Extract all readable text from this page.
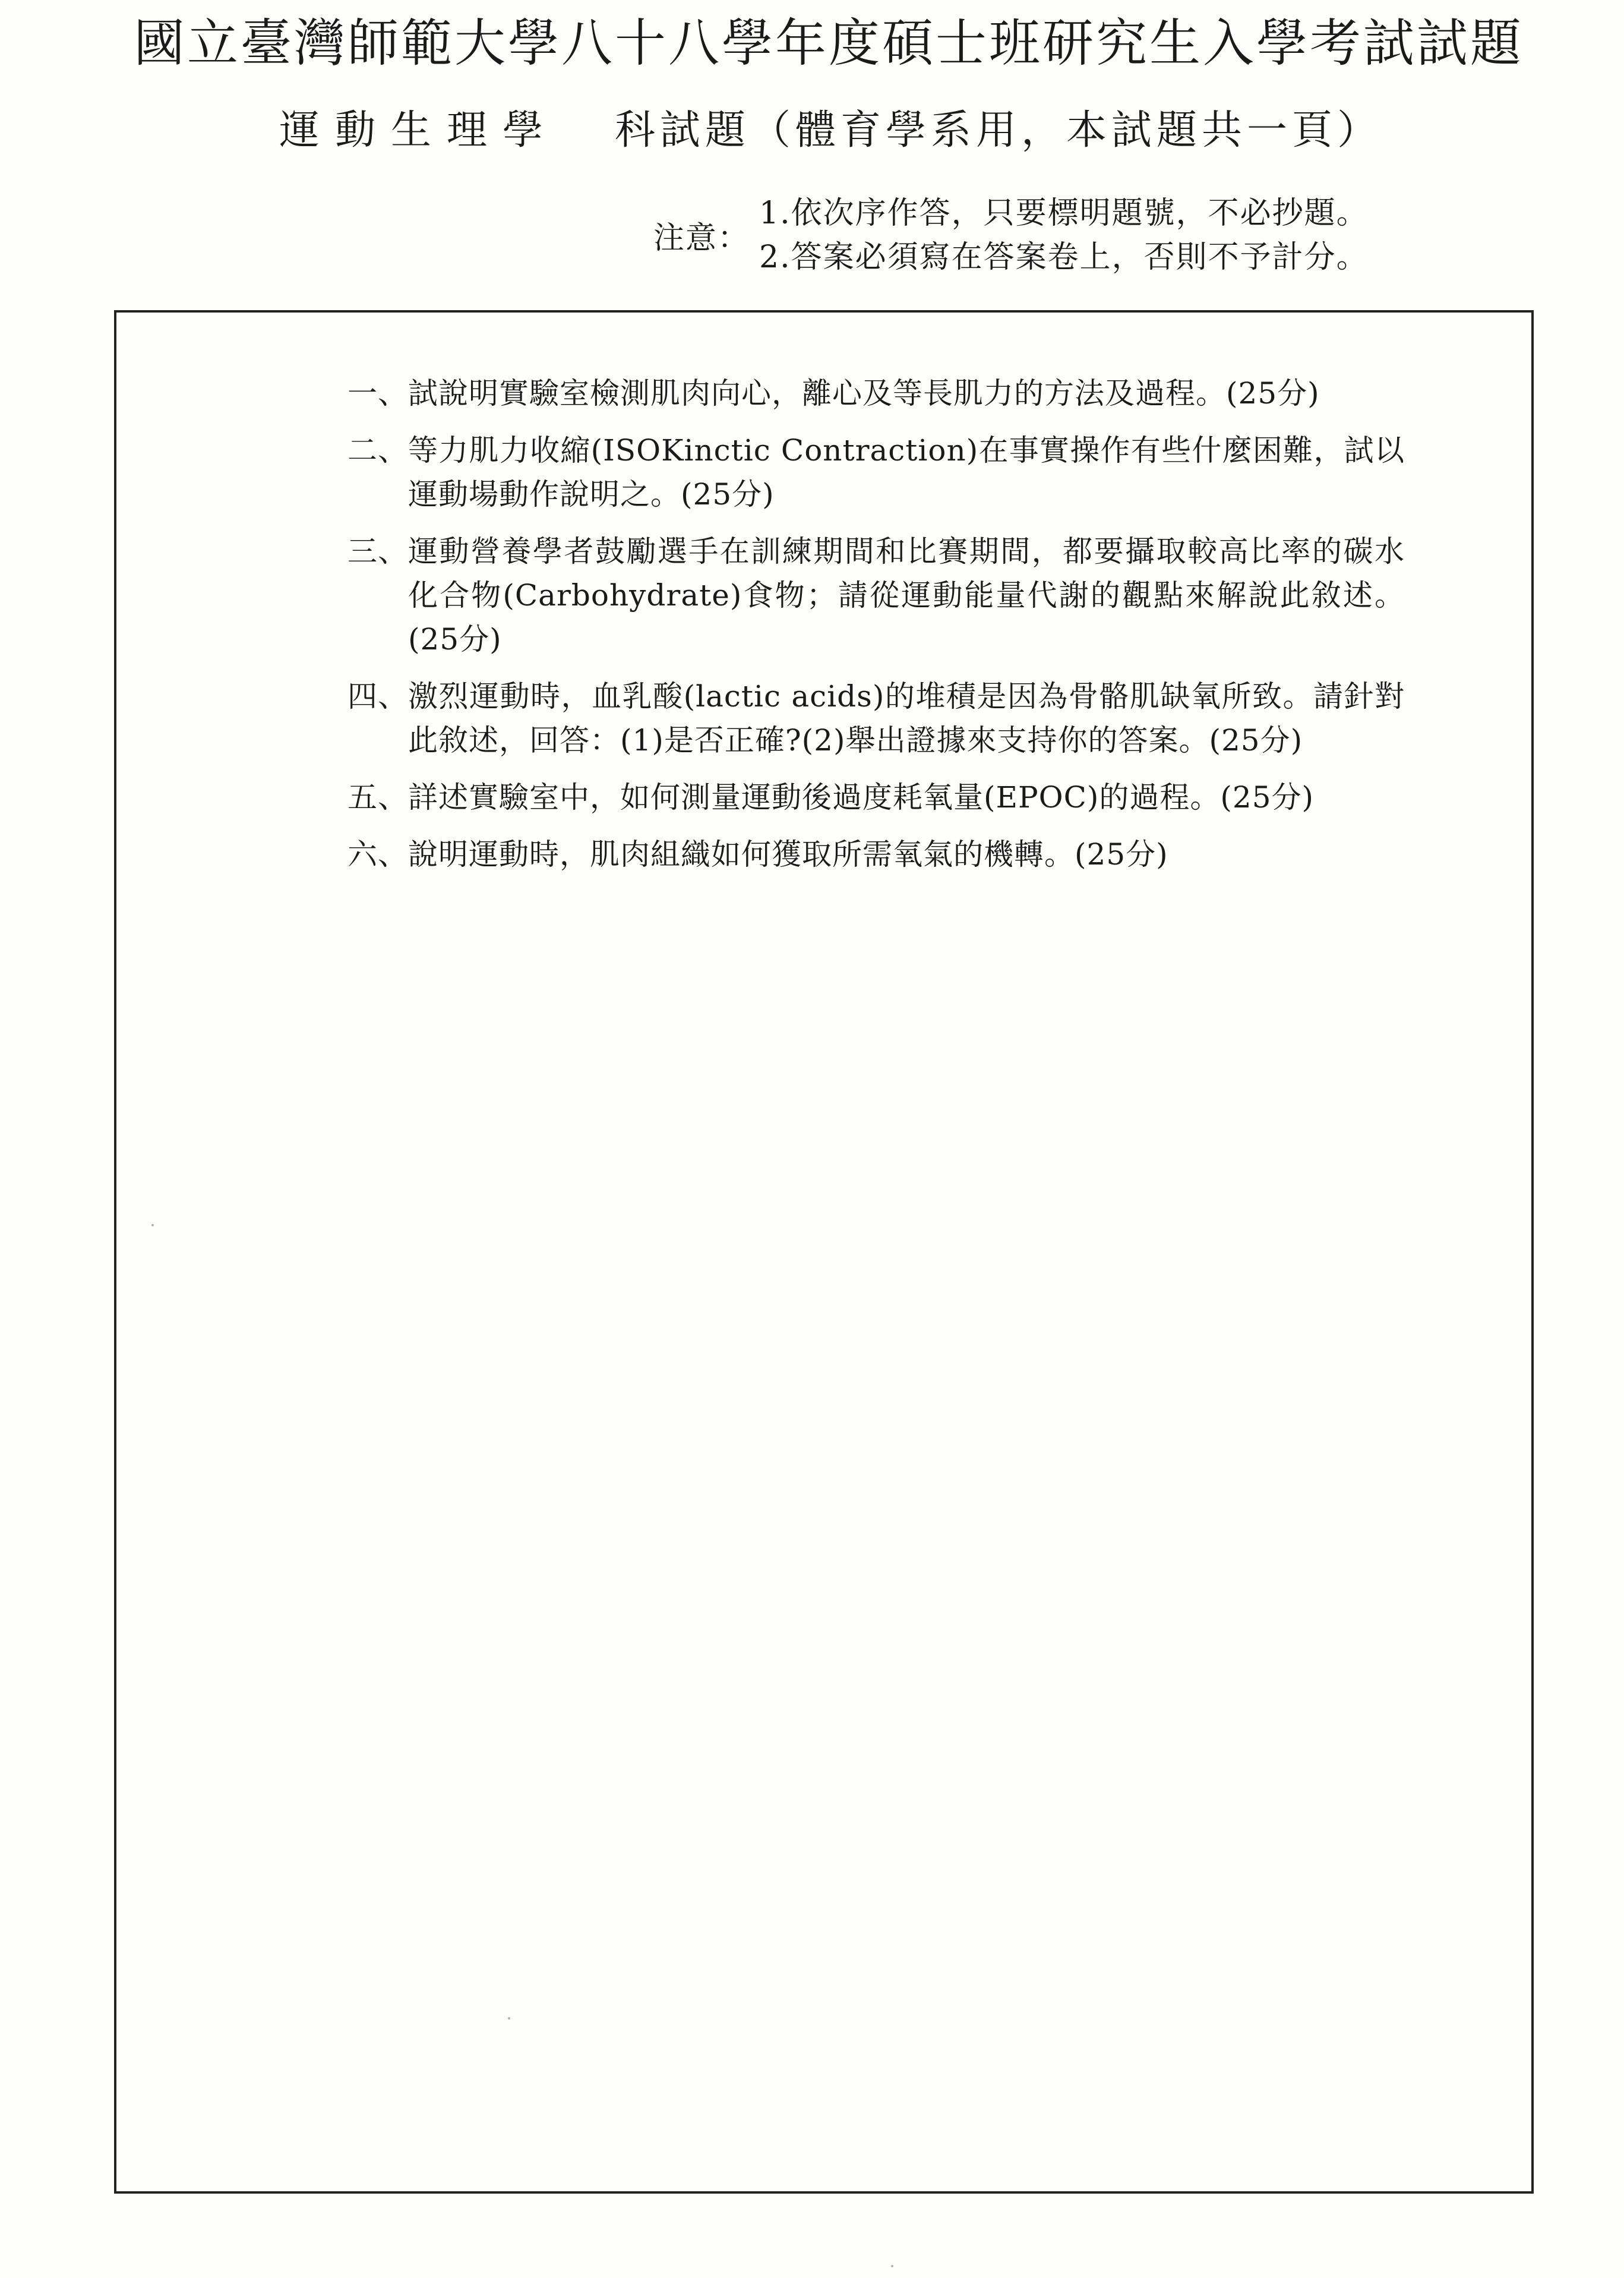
國立臺灣師範大學八十八學年度碩士班研究生入學考試試題
運動生理學 科試題（體育學系用，本試題共一頁）
注意：
1.依次序作答，只要標明題號，不必抄題。
2.答案必須寫在答案卷上，否則不予計分。
一、 試說明實驗室檢測肌肉向心，離心及等長肌力的方法及過程。(25分)
二、 等力肌力收縮(ISOKinctic Contraction)在事實操作有些什麼困難，試以運動場動作說明之。(25分)
三、 運動營養學者鼓勵選手在訓練期間和比賽期間，都要攝取較高比率的碳水化合物(Carbohydrate)食物；請從運動能量代謝的觀點來解說此敘述。(25分)
四、 激烈運動時，血乳酸(lactic acids)的堆積是因為骨骼肌缺氧所致。請針對此敘述，回答：(1)是否正確?(2)舉出證據來支持你的答案。(25分)
五、 詳述實驗室中，如何測量運動後過度耗氧量(EPOC)的過程。(25分)
六、 說明運動時，肌肉組織如何獲取所需氧氣的機轉。(25分)
